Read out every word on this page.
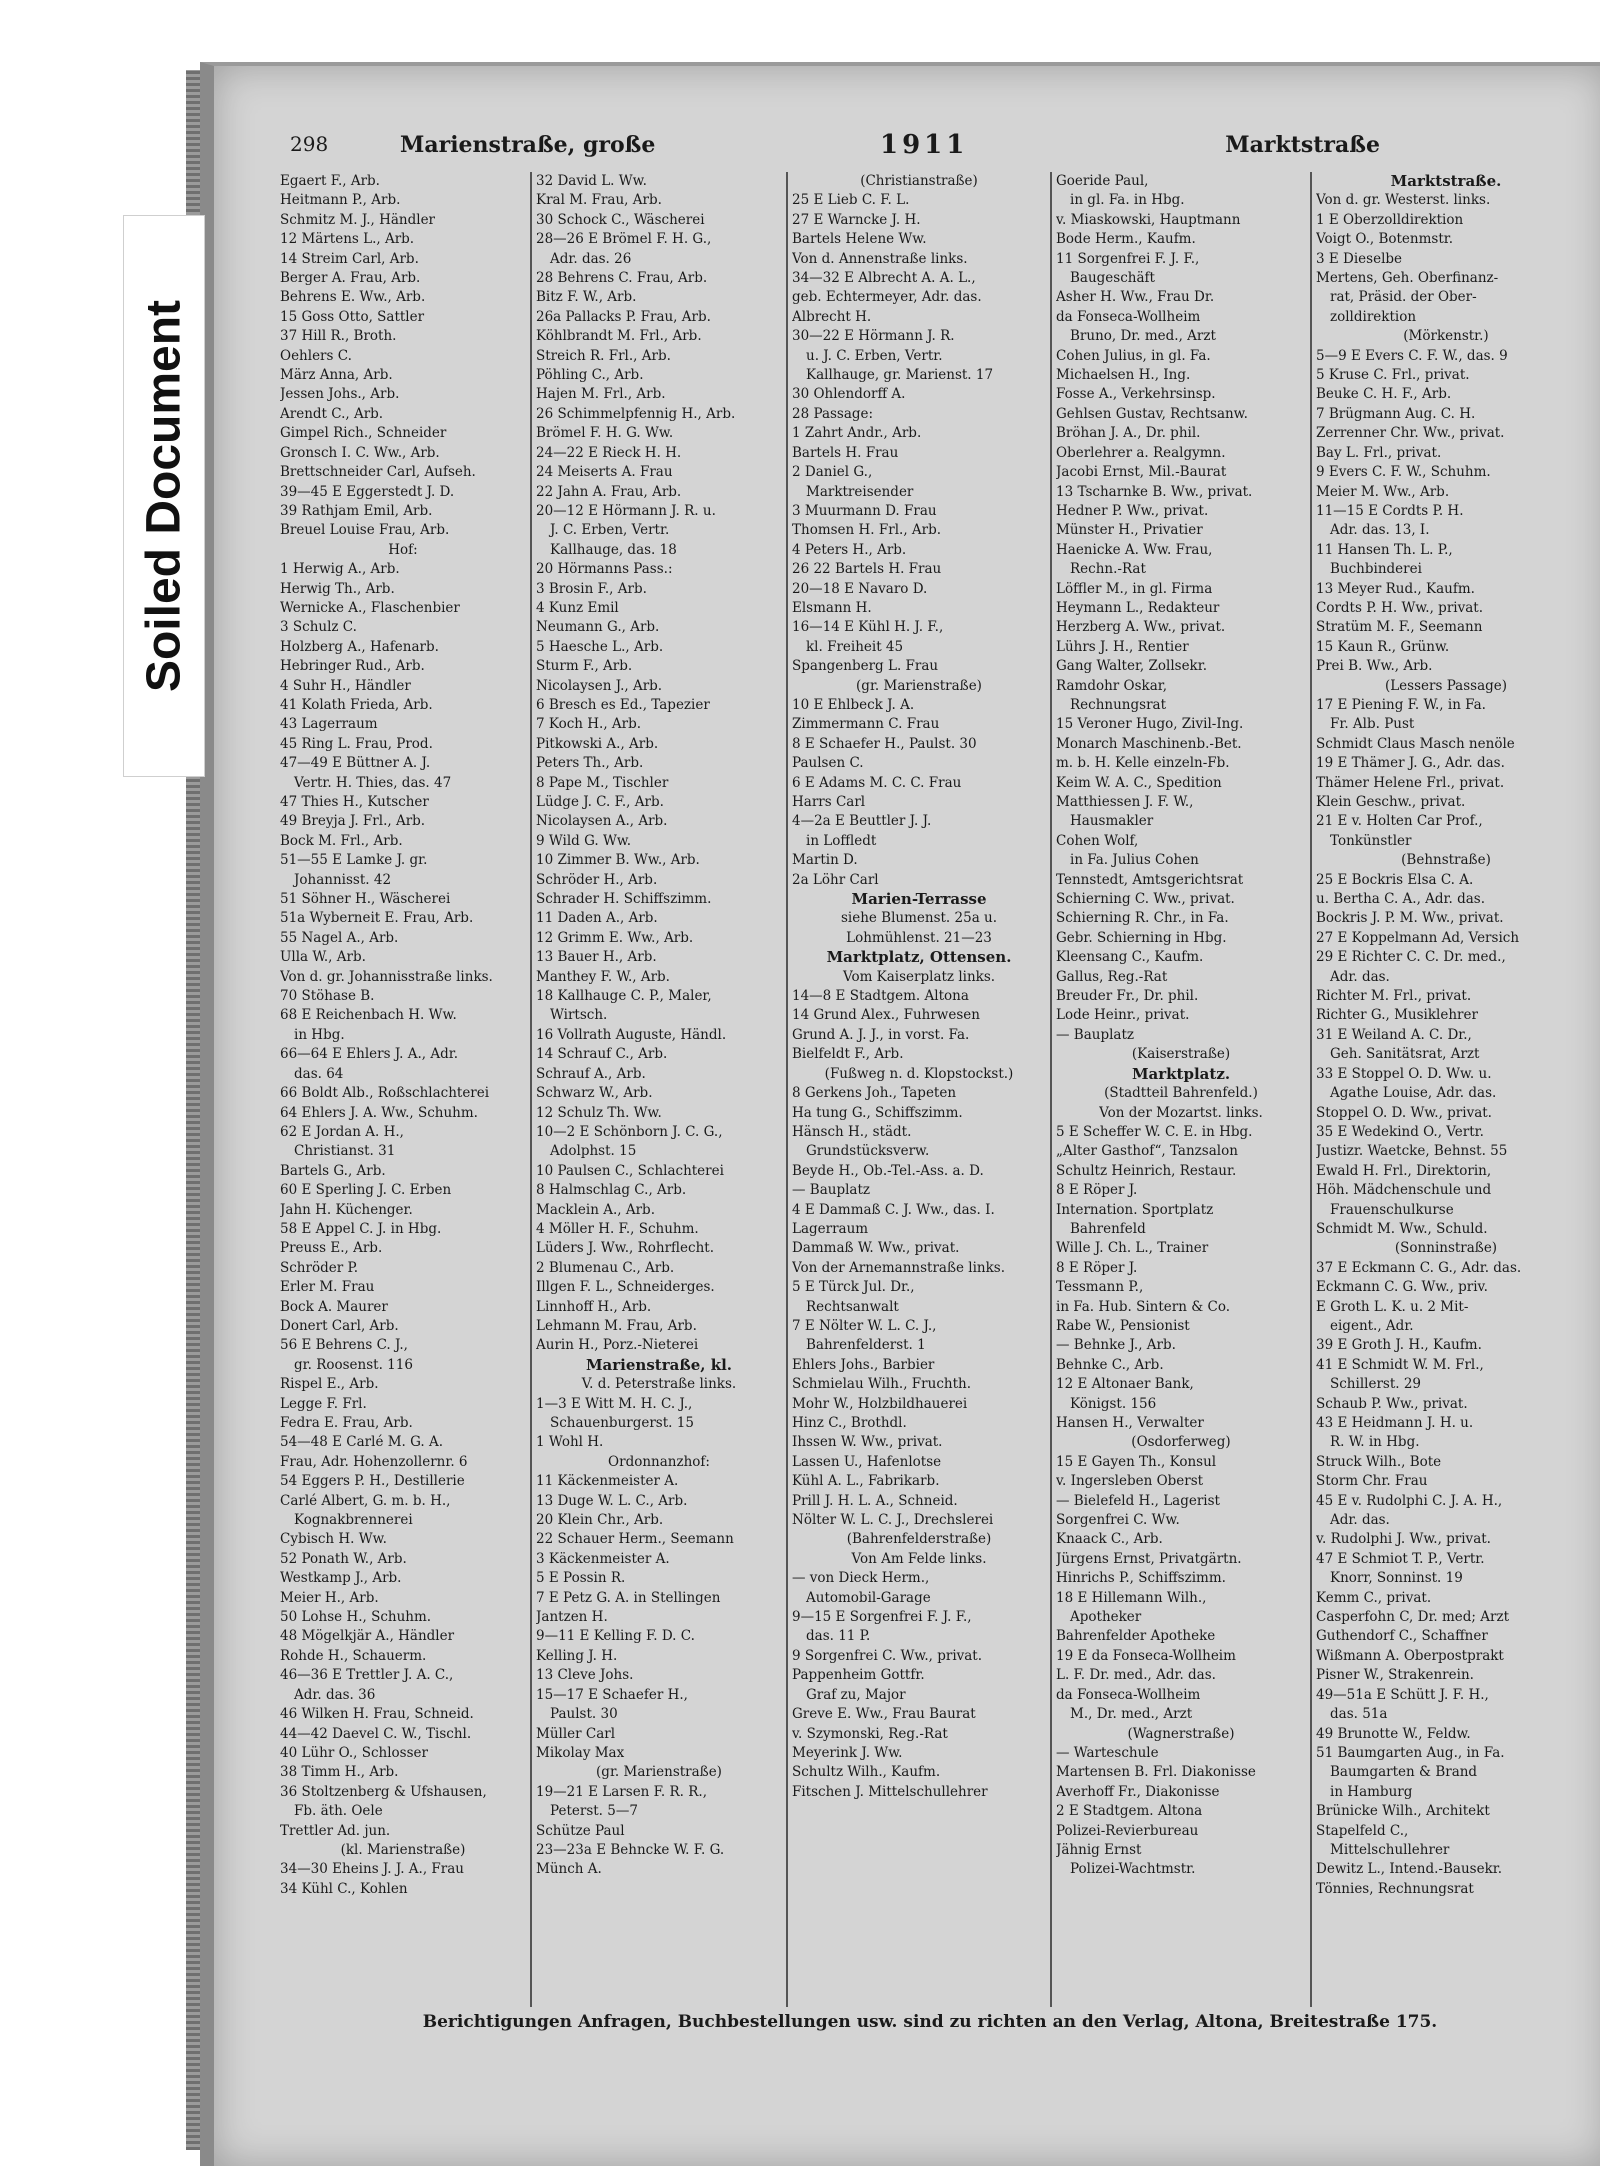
Soiled Document
298	Marienstraße, große	1911	Marktstraße
Egaert F., Arb.
Heitmann P., Arb.
Schmitz M. J., Händler
12 Märtens L., Arb.
14 Streim Carl, Arb.
Berger A. Frau, Arb.
Behrens E. Ww., Arb.
15 Goss Otto, Sattler
37 Hill R., Broth.
Oehlers C.
März Anna, Arb.
Jessen Johs., Arb.
Arendt C., Arb.
Gimpel Rich., Schneider
Gronsch I. C. Ww., Arb.
Brettschneider Carl, Aufseh.
39—45 E Eggerstedt J. D.
39 Rathjam Emil, Arb.
Breuel Louise Frau, Arb.
Hof:
1 Herwig A., Arb.
Herwig Th., Arb.
Wernicke A., Flaschenbier
3 Schulz C.
Holzberg A., Hafenarb.
Hebringer Rud., Arb.
4 Suhr H., Händler
41 Kolath Frieda, Arb.
43 Lagerraum
45 Ring L. Frau, Prod.
47—49 E Büttner A. J.
Vertr. H. Thies, das. 47
47 Thies H., Kutscher
49 Breyja J. Frl., Arb.
Bock M. Frl., Arb.
51—55 E Lamke J. gr.
Johannisst. 42
51 Söhner H., Wäscherei
51a Wyberneit E. Frau, Arb.
55 Nagel A., Arb.
Ulla W., Arb.
Von d. gr. Johannisstraße links.
70 Stöhase B.
68 E Reichenbach H. Ww.
in Hbg.
66—64 E Ehlers J. A., Adr.
das. 64
66 Boldt Alb., Roßschlachterei
64 Ehlers J. A. Ww., Schuhm.
62 E Jordan A. H.,
Christianst. 31
Bartels G., Arb.
60 E Sperling J. C. Erben
Jahn H. Küchenger.
58 E Appel C. J. in Hbg.
Preuss E., Arb.
Schröder P.
Erler M. Frau
Bock A. Maurer
Donert Carl, Arb.
56 E Behrens C. J.,
gr. Roosenst. 116
Rispel E., Arb.
Legge F. Frl.
Fedra E. Frau, Arb.
54—48 E Carlé M. G. A.
Frau, Adr. Hohenzollernr. 6
54 Eggers P. H., Destillerie
Carlé Albert, G. m. b. H.,
Kognakbrennerei
Cybisch H. Ww.
52 Ponath W., Arb.
Westkamp J., Arb.
Meier H., Arb.
50 Lohse H., Schuhm.
48 Mögelkjär A., Händler
Rohde H., Schauerm.
46—36 E Trettler J. A. C.,
Adr. das. 36
46 Wilken H. Frau, Schneid.
44—42 Daevel C. W., Tischl.
40 Lühr O., Schlosser
38 Timm H., Arb.
36 Stoltzenberg & Ufshausen,
Fb. äth. Oele
Trettler Ad. jun.
(kl. Marienstraße)
34—30 Eheins J. J. A., Frau
34 Kühl C., Kohlen
32 David L. Ww.
Kral M. Frau, Arb.
30 Schock C., Wäscherei
28—26 E Brömel F. H. G.,
Adr. das. 26
28 Behrens C. Frau, Arb.
Bitz F. W., Arb.
26a Pallacks P. Frau, Arb.
Köhlbrandt M. Frl., Arb.
Streich R. Frl., Arb.
Pöhling C., Arb.
Hajen M. Frl., Arb.
26 Schimmelpfennig H., Arb.
Brömel F. H. G. Ww.
24—22 E Rieck H. H.
24 Meiserts A. Frau
22 Jahn A. Frau, Arb.
20—12 E Hörmann J. R. u.
J. C. Erben, Vertr.
Kallhauge, das. 18
20 Hörmanns Pass.:
3 Brosin F., Arb.
4 Kunz Emil
Neumann G., Arb.
5 Haesche L., Arb.
Sturm F., Arb.
Nicolaysen J., Arb.
6 Bresch es Ed., Tapezier
7 Koch H., Arb.
Pitkowski A., Arb.
Peters Th., Arb.
8 Pape M., Tischler
Lüdge J. C. F., Arb.
Nicolaysen A., Arb.
9 Wild G. Ww.
10 Zimmer B. Ww., Arb.
Schröder H., Arb.
Schrader H. Schiffszimm.
11 Daden A., Arb.
12 Grimm E. Ww., Arb.
13 Bauer H., Arb.
Manthey F. W., Arb.
18 Kallhauge C. P., Maler,
Wirtsch.
16 Vollrath Auguste, Händl.
14 Schrauf C., Arb.
Schrauf A., Arb.
Schwarz W., Arb.
12 Schulz Th. Ww.
10—2 E Schönborn J. C. G.,
Adolphst. 15
10 Paulsen C., Schlachterei
8 Halmschlag C., Arb.
Macklein A., Arb.
4 Möller H. F., Schuhm.
Lüders J. Ww., Rohrflecht.
2 Blumenau C., Arb.
Illgen F. L., Schneiderges.
Linnhoff H., Arb.
Lehmann M. Frau, Arb.
Aurin H., Porz.-Nieterei
Marienstraße, kl.
V. d. Peterstraße links.
1—3 E Witt M. H. C. J.,
Schauenburgerst. 15
1 Wohl H.
Ordonnanzhof:
11 Käckenmeister A.
13 Duge W. L. C., Arb.
20 Klein Chr., Arb.
22 Schauer Herm., Seemann
3 Käckenmeister A.
5 E Possin R.
7 E Petz G. A. in Stellingen
Jantzen H.
9—11 E Kelling F. D. C.
Kelling J. H.
13 Cleve Johs.
15—17 E Schaefer H.,
Paulst. 30
Müller Carl
Mikolay Max
(gr. Marienstraße)
19—21 E Larsen F. R. R.,
Peterst. 5—7
Schütze Paul
23—23a E Behncke W. F. G.
Münch A.
(Christianstraße)
25 E Lieb C. F. L.
27 E Warncke J. H.
Bartels Helene Ww.
Von d. Annenstraße links.
34—32 E Albrecht A. A. L.,
geb. Echtermeyer, Adr. das.
Albrecht H.
30—22 E Hörmann J. R.
u. J. C. Erben, Vertr.
Kallhauge, gr. Marienst. 17
30 Ohlendorff A.
28 Passage:
1 Zahrt Andr., Arb.
Bartels H. Frau
2 Daniel G.,
Marktreisender
3 Muurmann D. Frau
Thomsen H. Frl., Arb.
4 Peters H., Arb.
26 22 Bartels H. Frau
20—18 E Navaro D.
Elsmann H.
16—14 E Kühl H. J. F.,
kl. Freiheit 45
Spangenberg L. Frau
(gr. Marienstraße)
10 E Ehlbeck J. A.
Zimmermann C. Frau
8 E Schaefer H., Paulst. 30
Paulsen C.
6 E Adams M. C. C. Frau
Harrs Carl
4—2a E Beuttler J. J.
in Loffledt
Martin D.
2a Löhr Carl
Marien-Terrasse
siehe Blumenst. 25a u.
Lohmühlenst. 21—23
Marktplatz, Ottensen.
Vom Kaiserplatz links.
14—8 E Stadtgem. Altona
14 Grund Alex., Fuhrwesen
Grund A. J. J., in vorst. Fa.
Bielfeldt F., Arb.
(Fußweg n. d. Klopstockst.)
8 Gerkens Joh., Tapeten
Ha tung G., Schiffszimm.
Hänsch H., städt.
Grundstücksverw.
Beyde H., Ob.-Tel.-Ass. a. D.
— Bauplatz
4 E Dammaß C. J. Ww., das. I.
Lagerraum
Dammaß W. Ww., privat.
Von der Arnemannstraße links.
5 E Türck Jul. Dr.,
Rechtsanwalt
7 E Nölter W. L. C. J.,
Bahrenfelderst. 1
Ehlers Johs., Barbier
Schmielau Wilh., Fruchth.
Mohr W., Holzbildhauerei
Hinz C., Brothdl.
Ihssen W. Ww., privat.
Lassen U., Hafenlotse
Kühl A. L., Fabrikarb.
Prill J. H. L. A., Schneid.
Nölter W. L. C. J., Drechslerei
(Bahrenfelderstraße)
Von Am Felde links.
— von Dieck Herm.,
Automobil-Garage
9—15 E Sorgenfrei F. J. F.,
das. 11 P.
9 Sorgenfrei C. Ww., privat.
Pappenheim Gottfr.
Graf zu, Major
Greve E. Ww., Frau Baurat
v. Szymonski, Reg.-Rat
Meyerink J. Ww.
Schultz Wilh., Kaufm.
Fitschen J. Mittelschullehrer
Goeride Paul,
in gl. Fa. in Hbg.
v. Miaskowski, Hauptmann
Bode Herm., Kaufm.
11 Sorgenfrei F. J. F.,
Baugeschäft
Asher H. Ww., Frau Dr.
da Fonseca-Wollheim
Bruno, Dr. med., Arzt
Cohen Julius, in gl. Fa.
Michaelsen H., Ing.
Fosse A., Verkehrsinsp.
Gehlsen Gustav, Rechtsanw.
Bröhan J. A., Dr. phil.
Oberlehrer a. Realgymn.
Jacobi Ernst, Mil.-Baurat
13 Tscharnke B. Ww., privat.
Hedner P. Ww., privat.
Münster H., Privatier
Haenicke A. Ww. Frau,
Rechn.-Rat
Löffler M., in gl. Firma
Heymann L., Redakteur
Herzberg A. Ww., privat.
Lührs J. H., Rentier
Gang Walter, Zollsekr.
Ramdohr Oskar,
Rechnungsrat
15 Veroner Hugo, Zivil-Ing.
Monarch Maschinenb.-Bet.
m. b. H. Kelle einzeln-Fb.
Keim W. A. C., Spedition
Matthiessen J. F. W.,
Hausmakler
Cohen Wolf,
in Fa. Julius Cohen
Tennstedt, Amtsgerichtsrat
Schierning C. Ww., privat.
Schierning R. Chr., in Fa.
Gebr. Schierning in Hbg.
Kleensang C., Kaufm.
Gallus, Reg.-Rat
Breuder Fr., Dr. phil.
Lode Heinr., privat.
— Bauplatz
(Kaiserstraße)
Marktplatz.
(Stadtteil Bahrenfeld.)
Von der Mozartst. links.
5 E Scheffer W. C. E. in Hbg.
„Alter Gasthof“, Tanzsalon
Schultz Heinrich, Restaur.
8 E Röper J.
Internation. Sportplatz
Bahrenfeld
Wille J. Ch. L., Trainer
8 E Röper J.
Tessmann P.,
in Fa. Hub. Sintern & Co.
Rabe W., Pensionist
— Behnke J., Arb.
Behnke C., Arb.
12 E Altonaer Bank,
Königst. 156
Hansen H., Verwalter
(Osdorferweg)
15 E Gayen Th., Konsul
v. Ingersleben Oberst
— Bielefeld H., Lagerist
Sorgenfrei C. Ww.
Knaack C., Arb.
Jürgens Ernst, Privatgärtn.
Hinrichs P., Schiffszimm.
18 E Hillemann Wilh.,
Apotheker
Bahrenfelder Apotheke
19 E da Fonseca-Wollheim
L. F. Dr. med., Adr. das.
da Fonseca-Wollheim
M., Dr. med., Arzt
(Wagnerstraße)
— Warteschule
Martensen B. Frl. Diakonisse
Averhoff Fr., Diakonisse
2 E Stadtgem. Altona
Polizei-Revierbureau
Jähnig Ernst
Polizei-Wachtmstr.
Marktstraße.
Von d. gr. Westerst. links.
1 E Oberzolldirektion
Voigt O., Botenmstr.
3 E Dieselbe
Mertens, Geh. Oberfinanz-
rat, Präsid. der Ober-
zolldirektion
(Mörkenstr.)
5—9 E Evers C. F. W., das. 9
5 Kruse C. Frl., privat.
Beuke C. H. F., Arb.
7 Brügmann Aug. C. H.
Zerrenner Chr. Ww., privat.
Bay L. Frl., privat.
9 Evers C. F. W., Schuhm.
Meier M. Ww., Arb.
11—15 E Cordts P. H.
Adr. das. 13, I.
11 Hansen Th. L. P.,
Buchbinderei
13 Meyer Rud., Kaufm.
Cordts P. H. Ww., privat.
Stratüm M. F., Seemann
15 Kaun R., Grünw.
Prei B. Ww., Arb.
(Lessers Passage)
17 E Piening F. W., in Fa.
Fr. Alb. Pust
Schmidt Claus Masch nenöle
19 E Thämer J. G., Adr. das.
Thämer Helene Frl., privat.
Klein Geschw., privat.
21 E v. Holten Car Prof.,
Tonkünstler
(Behnstraße)
25 E Bockris Elsa C. A.
u. Bertha C. A., Adr. das.
Bockris J. P. M. Ww., privat.
27 E Koppelmann Ad, Versich
29 E Richter C. C. Dr. med.,
Adr. das.
Richter M. Frl., privat.
Richter G., Musiklehrer
31 E Weiland A. C. Dr.,
Geh. Sanitätsrat, Arzt
33 E Stoppel O. D. Ww. u.
Agathe Louise, Adr. das.
Stoppel O. D. Ww., privat.
35 E Wedekind O., Vertr.
Justizr. Waetcke, Behnst. 55
Ewald H. Frl., Direktorin,
Höh. Mädchenschule und
Frauenschulkurse
Schmidt M. Ww., Schuld.
(Sonninstraße)
37 E Eckmann C. G., Adr. das.
Eckmann C. G. Ww., priv.
E Groth L. K. u. 2 Mit-
eigent., Adr.
39 E Groth J. H., Kaufm.
41 E Schmidt W. M. Frl.,
Schillerst. 29
Schaub P. Ww., privat.
43 E Heidmann J. H. u.
R. W. in Hbg.
Struck Wilh., Bote
Storm Chr. Frau
45 E v. Rudolphi C. J. A. H.,
Adr. das.
v. Rudolphi J. Ww., privat.
47 E Schmiot T. P., Vertr.
Knorr, Sonninst. 19
Kemm C., privat.
Casperfohn C, Dr. med; Arzt
Guthendorf C., Schaffner
Wißmann A. Oberpostprakt
Pisner W., Strakenrein.
49—51a E Schütt J. F. H.,
das. 51a
49 Brunotte W., Feldw.
51 Baumgarten Aug., in Fa.
Baumgarten & Brand
in Hamburg
Brünicke Wilh., Architekt
Stapelfeld C.,
Mittelschullehrer
Dewitz L., Intend.-Bausekr.
Tönnies, Rechnungsrat
Berichtigungen Anfragen, Buchbestellungen usw. sind zu richten an den Verlag, Altona, Breitestraße 175.
